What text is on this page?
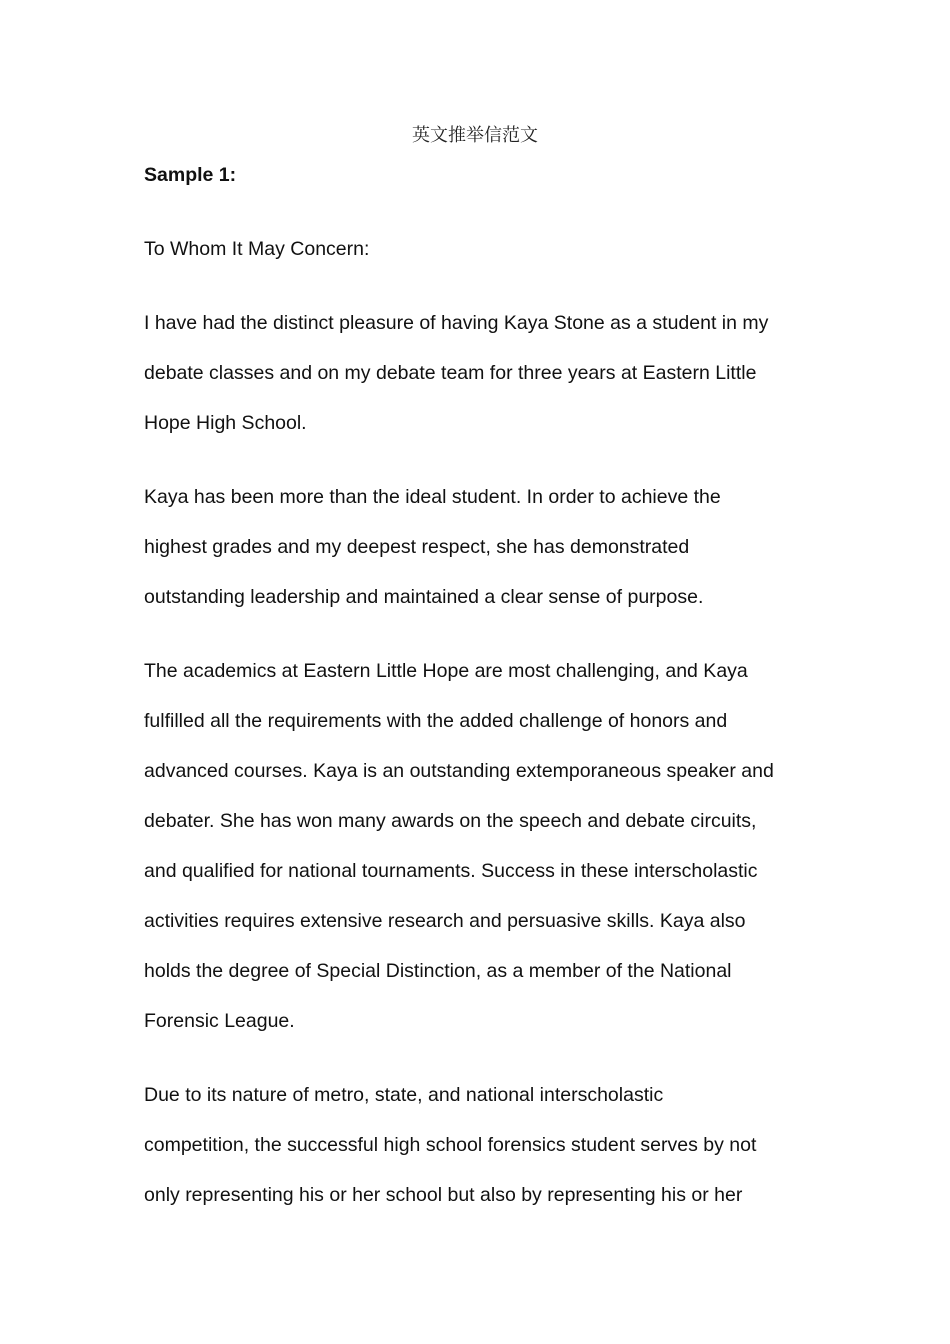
英文推举信范文
Sample 1:
To Whom It May Concern:
I have had the distinct pleasure of having Kaya Stone as a student in my
debate classes and on my debate team for three years at Eastern Little
Hope High School.
Kaya has been more than the ideal student. In order to achieve the
highest grades and my deepest respect, she has demonstrated
outstanding leadership and maintained a clear sense of purpose.
The academics at Eastern Little Hope are most challenging, and Kaya
fulfilled all the requirements with the added challenge of honors and
advanced courses. Kaya is an outstanding extemporaneous speaker and
debater. She has won many awards on the speech and debate circuits,
and qualified for national tournaments. Success in these interscholastic
activities requires extensive research and persuasive skills. Kaya also
holds the degree of Special Distinction, as a member of the National
Forensic League.
Due to its nature of metro, state, and national interscholastic
competition, the successful high school forensics student serves by not
only representing his or her school but also by representing his or her
